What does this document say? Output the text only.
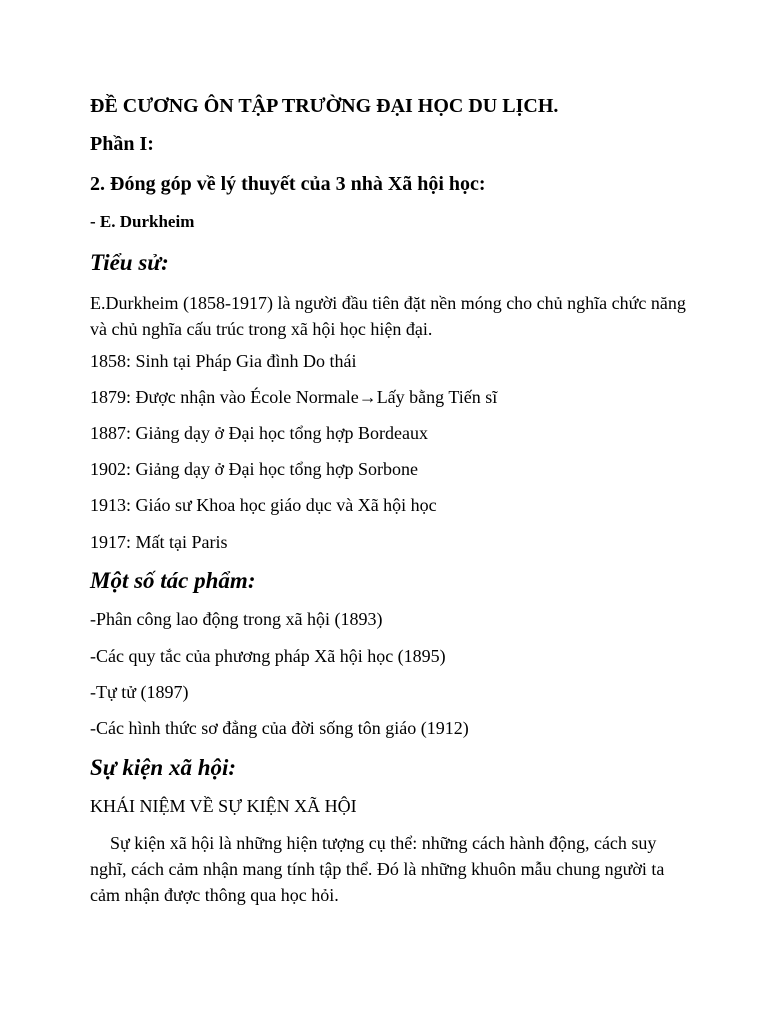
ĐỀ CƯƠNG ÔN TẬP TRƯỜNG ĐẠI HỌC DU LỊCH.
Phần I:
2. Đóng góp về lý thuyết của 3 nhà Xã hội học:
- E. Durkheim
Tiểu sử:
E.Durkheim (1858-1917) là người đầu tiên đặt nền móng cho chủ nghĩa chức năng và chủ nghĩa cấu trúc trong xã hội học hiện đại.
1858: Sinh tại Pháp Gia đình Do thái
1879: Được nhận vào École Normale→Lấy bằng Tiến sĩ
1887: Giảng dạy ở Đại học tổng hợp Bordeaux
1902: Giảng dạy ở Đại học tổng hợp Sorbone
1913: Giáo sư Khoa học giáo dục và Xã hội học
1917: Mất tại Paris
Một số tác phẩm:
-Phân công lao động trong xã hội (1893)
-Các quy tắc của phương pháp Xã hội học (1895)
-Tự tử (1897)
-Các hình thức sơ đẳng của đời sống tôn giáo (1912)
Sự kiện xã hội:
KHÁI NIỆM VỀ SỰ KIỆN XÃ HỘI
Sự kiện xã hội là những hiện tượng cụ thể: những cách hành động, cách suy nghĩ, cách cảm nhận mang tính tập thể. Đó là những khuôn mẫu chung người ta cảm nhận được thông qua học hỏi.
